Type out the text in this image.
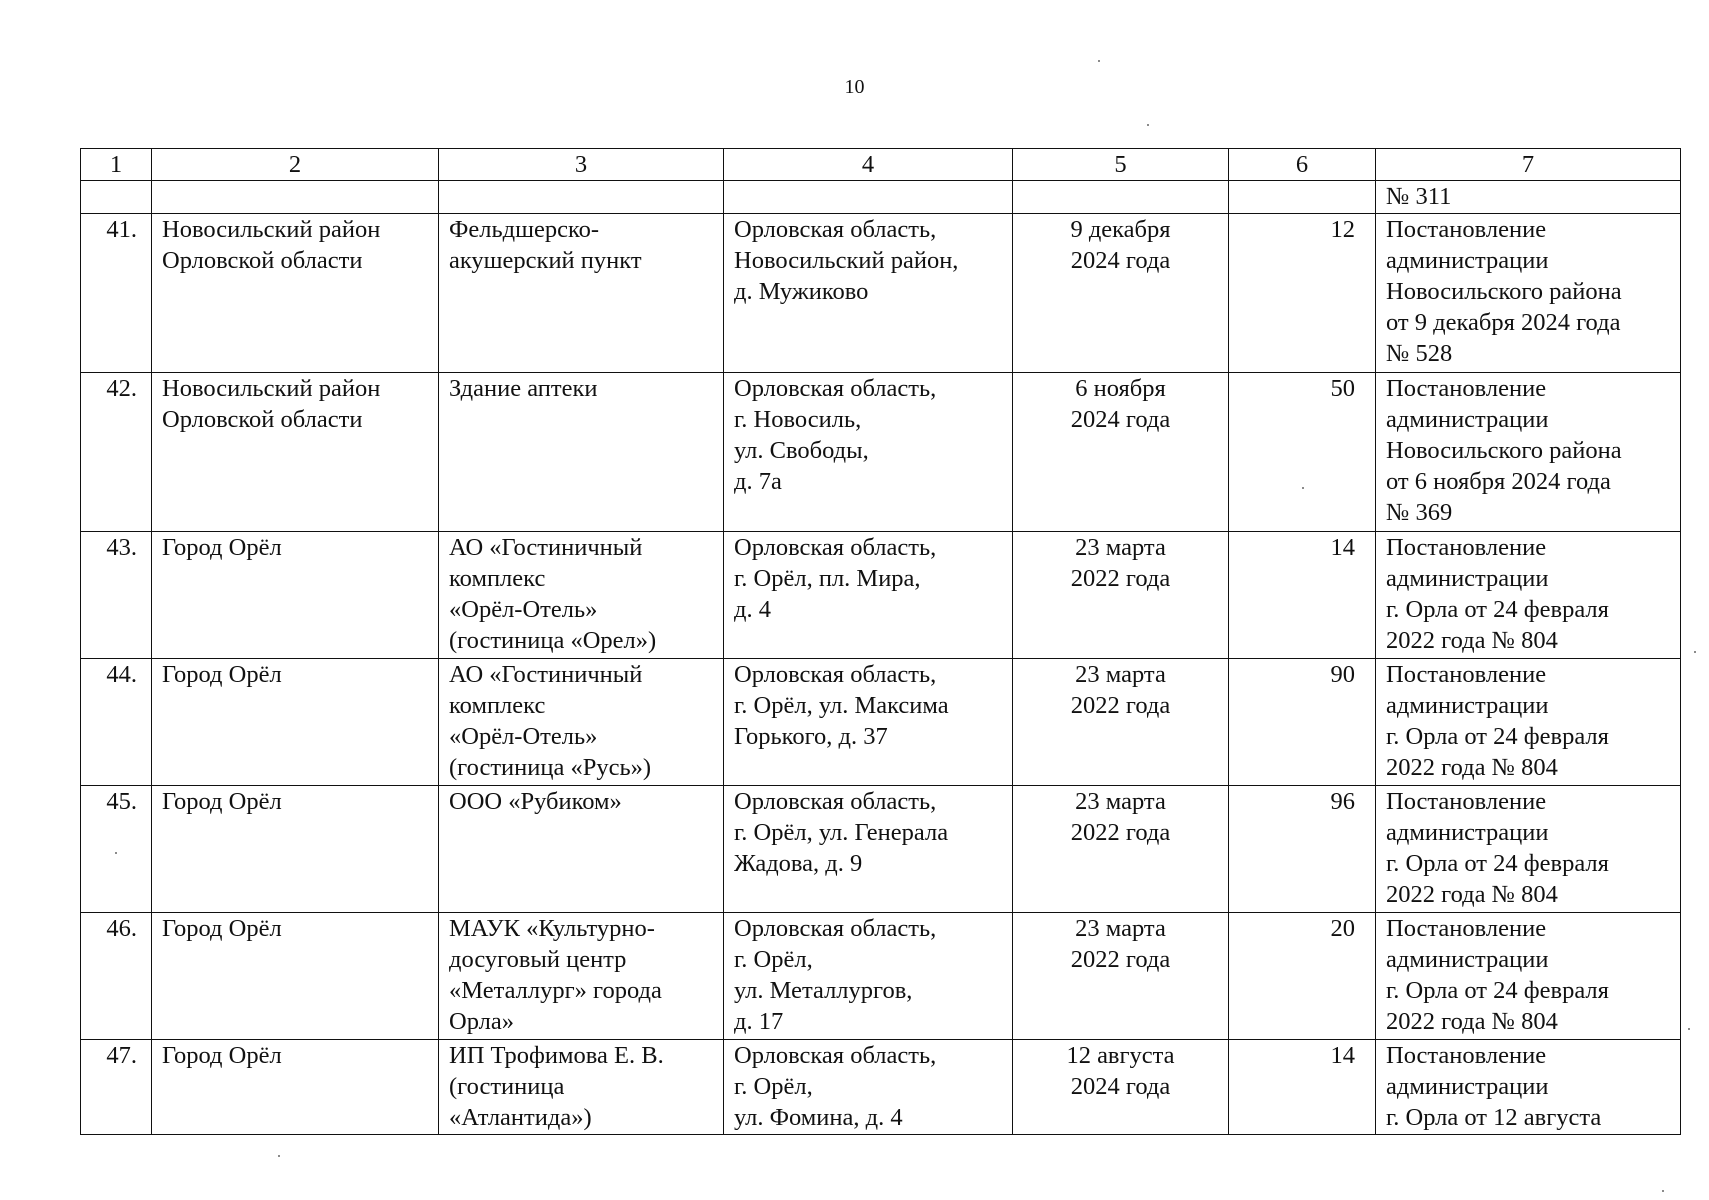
10
1	2	3	4	5	6	7
						№ 311
41.	Новосильский район
Орловской области	Фельдшерско-
акушерский пункт	Орловская область,
Новосильский район,
д. Мужиково	9 декабря
2024 года	12	Постановление
администрации
Новосильского района
от 9 декабря 2024 года
№ 528
42.	Новосильский район
Орловской области	Здание аптеки	Орловская область,
г. Новосиль,
ул. Свободы,
д. 7а	6 ноября
2024 года	50	Постановление
администрации
Новосильского района
от 6 ноября 2024 года
№ 369
43.	Город Орёл	АО «Гостиничный
комплекс
«Орёл-Отель»
(гостиница «Орел»)	Орловская область,
г. Орёл, пл. Мира,
д. 4	23 марта
2022 года	14	Постановление
администрации
г. Орла от 24 февраля
2022 года № 804
44.	Город Орёл	АО «Гостиничный
комплекс
«Орёл-Отель»
(гостиница «Русь»)	Орловская область,
г. Орёл, ул. Максима
Горького, д. 37	23 марта
2022 года	90	Постановление
администрации
г. Орла от 24 февраля
2022 года № 804
45.	Город Орёл	ООО «Рубиком»	Орловская область,
г. Орёл, ул. Генерала
Жадова, д. 9	23 марта
2022 года	96	Постановление
администрации
г. Орла от 24 февраля
2022 года № 804
46.	Город Орёл	МАУК «Культурно-
досуговый центр
«Металлург» города
Орла»	Орловская область,
г. Орёл,
ул. Металлургов,
д. 17	23 марта
2022 года	20	Постановление
администрации
г. Орла от 24 февраля
2022 года № 804
47.	Город Орёл	ИП Трофимова Е. В.
(гостиница
«Атлантида»)	Орловская область,
г. Орёл,
ул. Фомина, д. 4	12 августа
2024 года	14	Постановление
администрации
г. Орла от 12 августа
